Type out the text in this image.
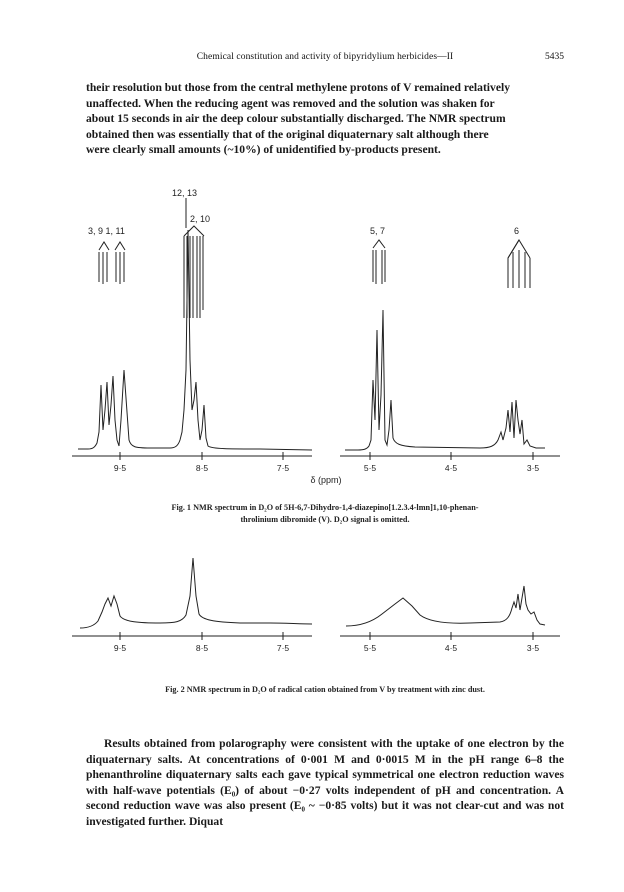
Chemical constitution and activity of bipyridylium herbicides—II	5435

their resolution but those from the central methylene protons of V remained relatively

unaffected. When the reducing agent was removed and the solution was shaken for

about 15 seconds in air the deep colour substantially discharged. The NMR spectrum

obtained then was essentially that of the original diquaternary salt although there

were clearly small amounts (~10%) of unidentified by-products present.

3, 9 1, 11
12, 13
2, 10
5, 7	6
9·5	8·5	7·5	5·5	4·5	3·5
δ (ppm)
9·5	8·5	7·5	5·5	4·5	3·5
Fig. 1 NMR spectrum in D₂O of 5H-6,7-Dihydro-1,4-diazepino[1.2.3.4-lmn]1,10-phenan-
throlinium dibromide (V). D₂O signal is omitted.
Fig. 2 NMR spectrum in D₂O of radical cation obtained from V by treatment with zinc dust.

Results obtained from polarography were consistent with the uptake of one electron by the diquaternary salts. At concentrations of 0·001 M and 0·0015 M in the pH range 6–8 the phenanthroline diquaternary salts each gave typical symmetrical one electron reduction waves with half-wave potentials (E₀) of about −0·27 volts independent of pH and concentration. A second reduction wave was also present (E₀ ~ −0·85 volts) but it was not clear-cut and was not investigated further. Diquat
